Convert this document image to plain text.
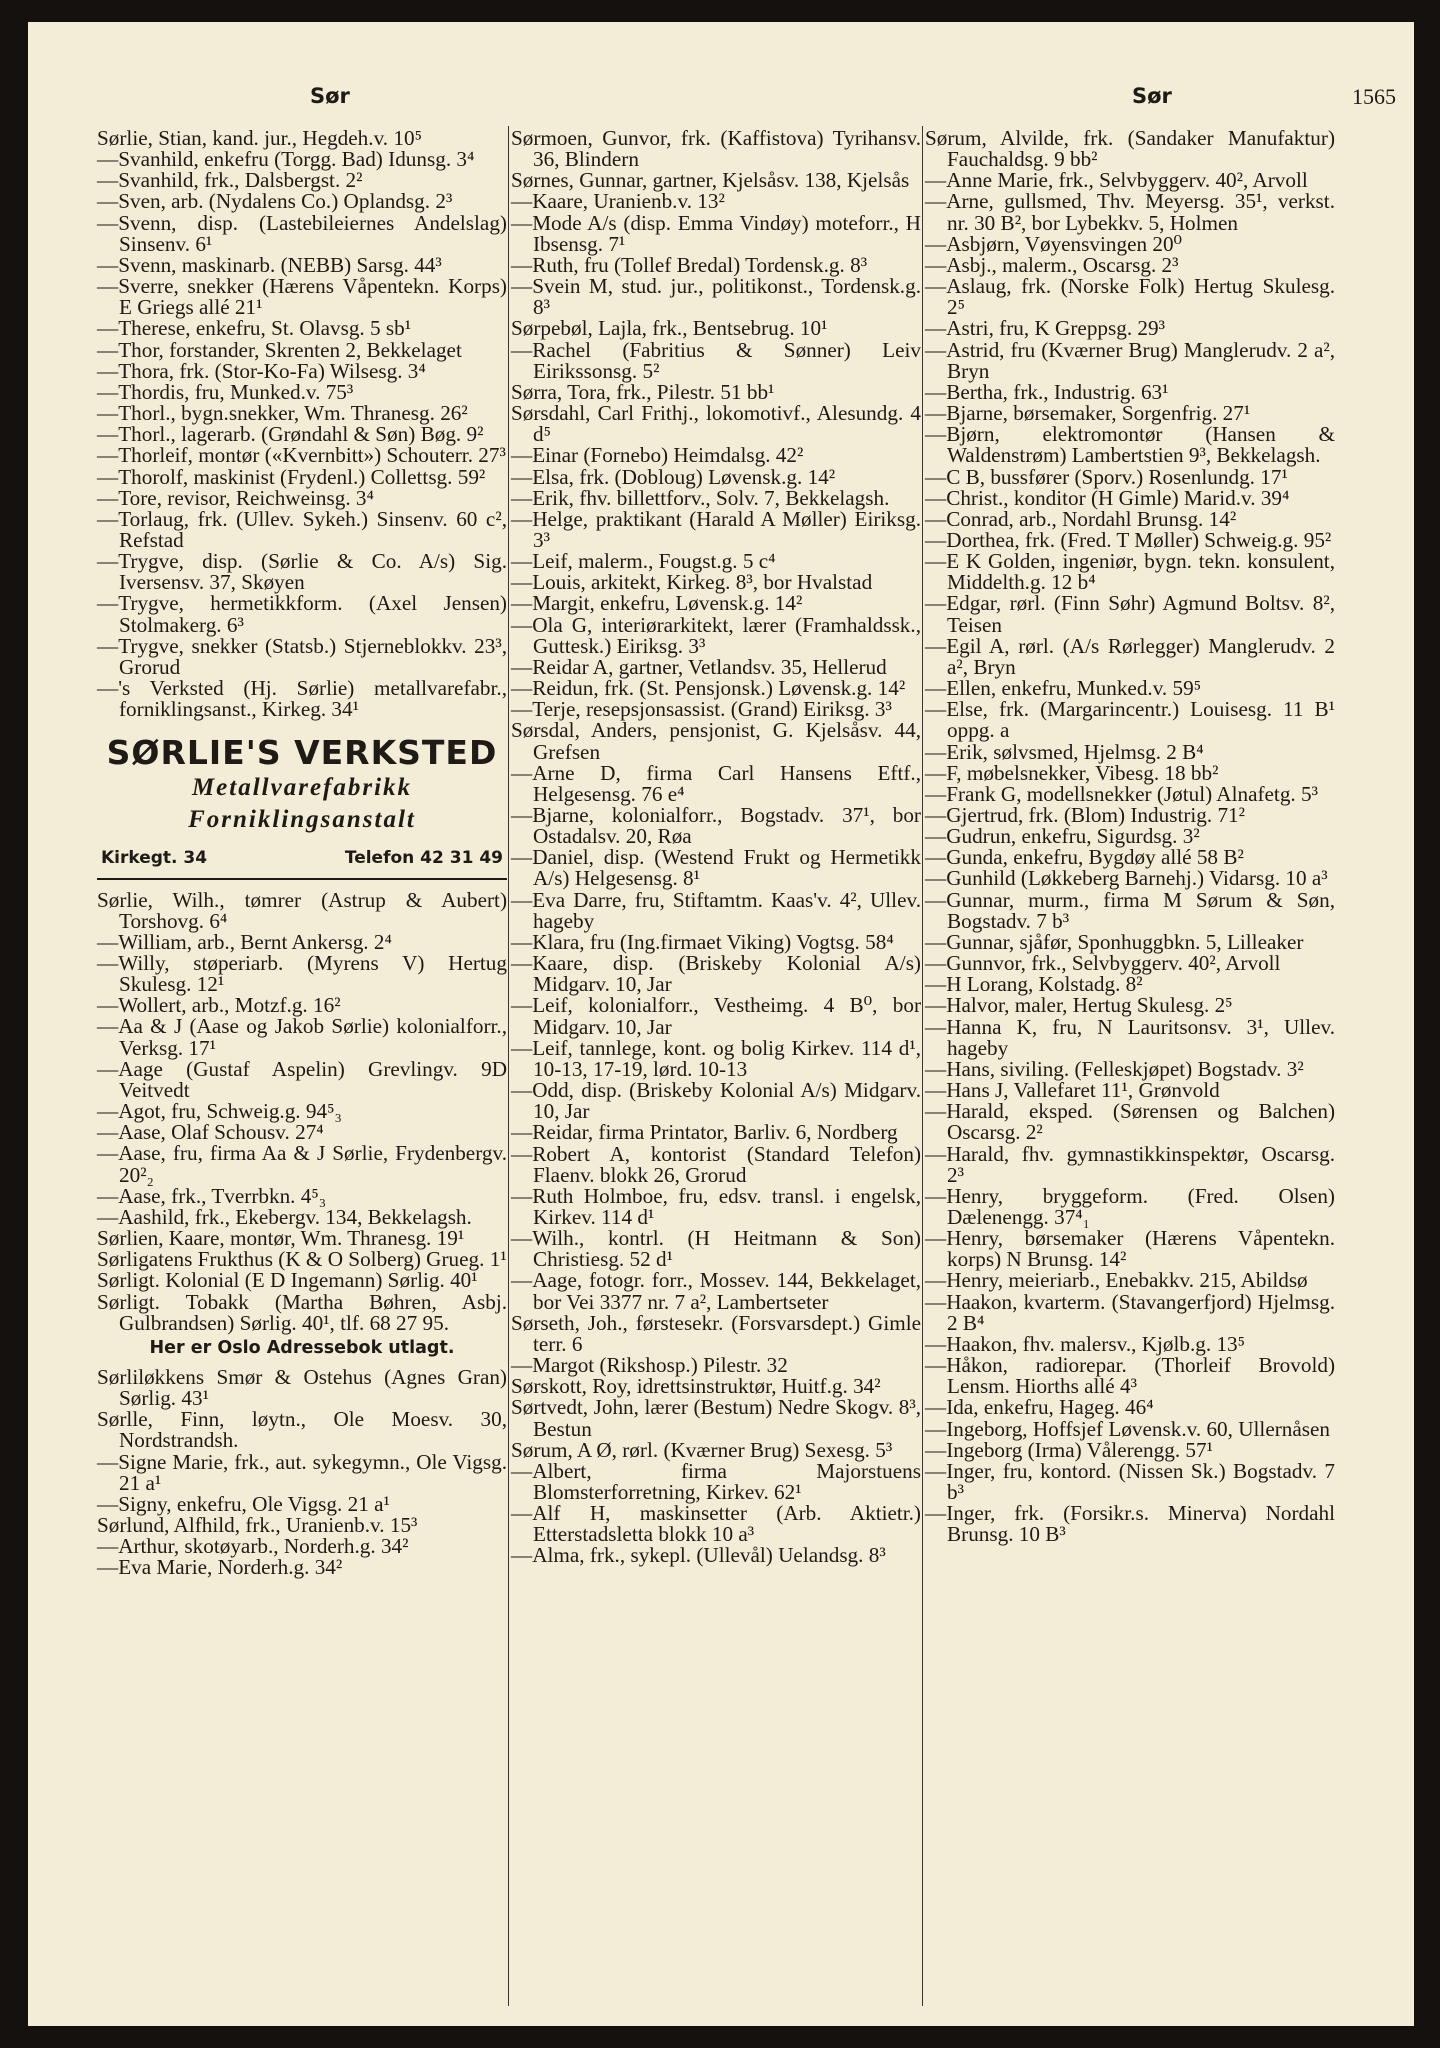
Sør	Sør	1565
Sørlie, Stian, kand. jur., Hegdeh.v. 10⁵
—Svanhild, enkefru (Torgg. Bad) Idunsg. 3⁴
—Svanhild, frk., Dalsbergst. 2²
—Sven, arb. (Nydalens Co.) Oplandsg. 2³
—Svenn, disp. (Lastebileiernes Andelslag) Sinsenv. 6¹
—Svenn, maskinarb. (NEBB) Sarsg. 44³
—Sverre, snekker (Hærens Våpentekn. Korps) E Griegs allé 21¹
—Therese, enkefru, St. Olavsg. 5 sb¹
—Thor, forstander, Skrenten 2, Bekkelaget
—Thora, frk. (Stor-Ko-Fa) Wilsesg. 3⁴
—Thordis, fru, Munked.v. 75³
—Thorl., bygn.snekker, Wm. Thranesg. 26²
—Thorl., lagerarb. (Grøndahl & Søn) Bøg. 9²
—Thorleif, montør («Kvernbitt») Schouterr. 27³
—Thorolf, maskinist (Frydenl.) Collettsg. 59²
—Tore, revisor, Reichweinsg. 3⁴
—Torlaug, frk. (Ullev. Sykeh.) Sinsenv. 60 c², Refstad
—Trygve, disp. (Sørlie & Co. A/s) Sig. Iversensv. 37, Skøyen
—Trygve, hermetikkform. (Axel Jensen) Stolmakerg. 6³
—Trygve, snekker (Statsb.) Stjerneblokkv. 23³, Grorud
—'s Verksted (Hj. Sørlie) metallvarefabr., forniklingsanst., Kirkeg. 34¹
SØRLIE'S VERKSTED
Metallvarefabrikk
Forniklingsanstalt
Kirkegt. 34	Telefon 42 31 49
Sørlie, Wilh., tømrer (Astrup & Aubert) Torshovg. 6⁴
—William, arb., Bernt Ankersg. 2⁴
—Willy, støperiarb. (Myrens V) Hertug Skulesg. 12¹
—Wollert, arb., Motzf.g. 16²
—Aa & J (Aase og Jakob Sørlie) kolonialforr., Verksg. 17¹
—Aage (Gustaf Aspelin) Grevlingv. 9D Veitvedt
—Agot, fru, Schweig.g. 94⁵₃
—Aase, Olaf Schousv. 27⁴
—Aase, fru, firma Aa & J Sørlie, Frydenbergv. 20²₂
—Aase, frk., Tverrbkn. 4⁵₃
—Aashild, frk., Ekebergv. 134, Bekkelagsh.
Sørlien, Kaare, montør, Wm. Thranesg. 19¹
Sørligatens Frukthus (K & O Solberg) Grueg. 1¹
Sørligt. Kolonial (E D Ingemann) Sørlig. 40¹
Sørligt. Tobakk (Martha Bøhren, Asbj. Gulbrandsen) Sørlig. 40¹, tlf. 68 27 95.
Her er Oslo Adressebok utlagt.
Sørliløkkens Smør & Ostehus (Agnes Gran) Sørlig. 43¹
Sørlle, Finn, løytn., Ole Moesv. 30, Nordstrandsh.
—Signe Marie, frk., aut. sykegymn., Ole Vigsg. 21 a¹
—Signy, enkefru, Ole Vigsg. 21 a¹
Sørlund, Alfhild, frk., Uranienb.v. 15³
—Arthur, skotøyarb., Norderh.g. 34²
—Eva Marie, Norderh.g. 34²
Sørmoen, Gunvor, frk. (Kaffistova) Tyrihansv. 36, Blindern
Sørnes, Gunnar, gartner, Kjelsåsv. 138, Kjelsås
—Kaare, Uranienb.v. 13²
—Mode A/s (disp. Emma Vindøy) moteforr., H Ibsensg. 7¹
—Ruth, fru (Tollef Bredal) Tordensk.g. 8³
—Svein M, stud. jur., politikonst., Tordensk.g. 8³
Sørpebøl, Lajla, frk., Bentsebrug. 10¹
—Rachel (Fabritius & Sønner) Leiv Eirikssonsg. 5²
Sørra, Tora, frk., Pilestr. 51 bb¹
Sørsdahl, Carl Frithj., lokomotivf., Alesundg. 4 d⁵
—Einar (Fornebo) Heimdalsg. 42²
—Elsa, frk. (Dobloug) Løvensk.g. 14²
—Erik, fhv. billettforv., Solv. 7, Bekkelagsh.
—Helge, praktikant (Harald A Møller) Eiriksg. 3³
—Leif, malerm., Fougst.g. 5 c⁴
—Louis, arkitekt, Kirkeg. 8³, bor Hvalstad
—Margit, enkefru, Løvensk.g. 14²
—Ola G, interiørarkitekt, lærer (Framhaldssk., Guttesk.) Eiriksg. 3³
—Reidar A, gartner, Vetlandsv. 35, Hellerud
—Reidun, frk. (St. Pensjonsk.) Løvensk.g. 14²
—Terje, resepsjonsassist. (Grand) Eiriksg. 3³
Sørsdal, Anders, pensjonist, G. Kjelsåsv. 44, Grefsen
—Arne D, firma Carl Hansens Eftf., Helgesensg. 76 e⁴
—Bjarne, kolonialforr., Bogstadv. 37¹, bor Ostadalsv. 20, Røa
—Daniel, disp. (Westend Frukt og Hermetikk A/s) Helgesensg. 8¹
—Eva Darre, fru, Stiftamtm. Kaas'v. 4², Ullev. hageby
—Klara, fru (Ing.firmaet Viking) Vogtsg. 58⁴
—Kaare, disp. (Briskeby Kolonial A/s) Midgarv. 10, Jar
—Leif, kolonialforr., Vestheimg. 4 B⁰, bor Midgarv. 10, Jar
—Leif, tannlege, kont. og bolig Kirkev. 114 d¹, 10-13, 17-19, lørd. 10-13
—Odd, disp. (Briskeby Kolonial A/s) Midgarv. 10, Jar
—Reidar, firma Printator, Barliv. 6, Nordberg
—Robert A, kontorist (Standard Telefon) Flaenv. blokk 26, Grorud
—Ruth Holmboe, fru, edsv. transl. i engelsk, Kirkev. 114 d¹
—Wilh., kontrl. (H Heitmann & Son) Christiesg. 52 d¹
—Aage, fotogr. forr., Mossev. 144, Bekkelaget, bor Vei 3377 nr. 7 a², Lambertseter
Sørseth, Joh., førstesekr. (Forsvarsdept.) Gimle terr. 6
—Margot (Rikshosp.) Pilestr. 32
Sørskott, Roy, idrettsinstruktør, Huitf.g. 34²
Sørtvedt, John, lærer (Bestum) Nedre Skogv. 8³, Bestun
Sørum, A Ø, rørl. (Kværner Brug) Sexesg. 5³
—Albert, firma Majorstuens Blomsterforretning, Kirkev. 62¹
—Alf H, maskinsetter (Arb. Aktietr.) Etterstadsletta blokk 10 a³
—Alma, frk., sykepl. (Ullevål) Uelandsg. 8³
Sørum, Alvilde, frk. (Sandaker Manufaktur) Fauchaldsg. 9 bb²
—Anne Marie, frk., Selvbyggerv. 40², Arvoll
—Arne, gullsmed, Thv. Meyersg. 35¹, verkst. nr. 30 B², bor Lybekkv. 5, Holmen
—Asbjørn, Vøyensvingen 20⁰
—Asbj., malerm., Oscarsg. 2³
—Aslaug, frk. (Norske Folk) Hertug Skulesg. 2⁵
—Astri, fru, K Greppsg. 29³
—Astrid, fru (Kværner Brug) Manglerudv. 2 a², Bryn
—Bertha, frk., Industrig. 63¹
—Bjarne, børsemaker, Sorgenfrig. 27¹
—Bjørn, elektromontør (Hansen & Waldenstrøm) Lambertstien 9³, Bekkelagsh.
—C B, bussfører (Sporv.) Rosenlundg. 17¹
—Christ., konditor (H Gimle) Marid.v. 39⁴
—Conrad, arb., Nordahl Brunsg. 14²
—Dorthea, frk. (Fred. T Møller) Schweig.g. 95²
—E K Golden, ingeniør, bygn. tekn. konsulent, Middelth.g. 12 b⁴
—Edgar, rørl. (Finn Søhr) Agmund Boltsv. 8², Teisen
—Egil A, rørl. (A/s Rørlegger) Manglerudv. 2 a², Bryn
—Ellen, enkefru, Munked.v. 59⁵
—Else, frk. (Margarincentr.) Louisesg. 11 B¹ oppg. a
—Erik, sølvsmed, Hjelmsg. 2 B⁴
—F, møbelsnekker, Vibesg. 18 bb²
—Frank G, modellsnekker (Jøtul) Alnafetg. 5³
—Gjertrud, frk. (Blom) Industrig. 71²
—Gudrun, enkefru, Sigurdsg. 3²
—Gunda, enkefru, Bygdøy allé 58 B²
—Gunhild (Løkkeberg Barnehj.) Vidarsg. 10 a³
—Gunnar, murm., firma M Sørum & Søn, Bogstadv. 7 b³
—Gunnar, sjåfør, Sponhuggbkn. 5, Lilleaker
—Gunnvor, frk., Selvbyggerv. 40², Arvoll
—H Lorang, Kolstadg. 8²
—Halvor, maler, Hertug Skulesg. 2⁵
—Hanna K, fru, N Lauritsonsv. 3¹, Ullev. hageby
—Hans, siviling. (Felleskjøpet) Bogstadv. 3²
—Hans J, Vallefaret 11¹, Grønvold
—Harald, eksped. (Sørensen og Balchen) Oscarsg. 2²
—Harald, fhv. gymnastikkinspektør, Oscarsg. 2³
—Henry, bryggeform. (Fred. Olsen) Dælenengg. 37⁴₁
—Henry, børsemaker (Hærens Våpentekn. korps) N Brunsg. 14²
—Henry, meieriarb., Enebakkv. 215, Abildsø
—Haakon, kvarterm. (Stavangerfjord) Hjelmsg. 2 B⁴
—Haakon, fhv. malersv., Kjølb.g. 13⁵
—Håkon, radiorepar. (Thorleif Brovold) Lensm. Hiorths allé 4³
—Ida, enkefru, Hageg. 46⁴
—Ingeborg, Hoffsjef Løvensk.v. 60, Ullernåsen
—Ingeborg (Irma) Vålerengg. 57¹
—Inger, fru, kontord. (Nissen Sk.) Bogstadv. 7 b³
—Inger, frk. (Forsikr.s. Minerva) Nordahl Brunsg. 10 B³
